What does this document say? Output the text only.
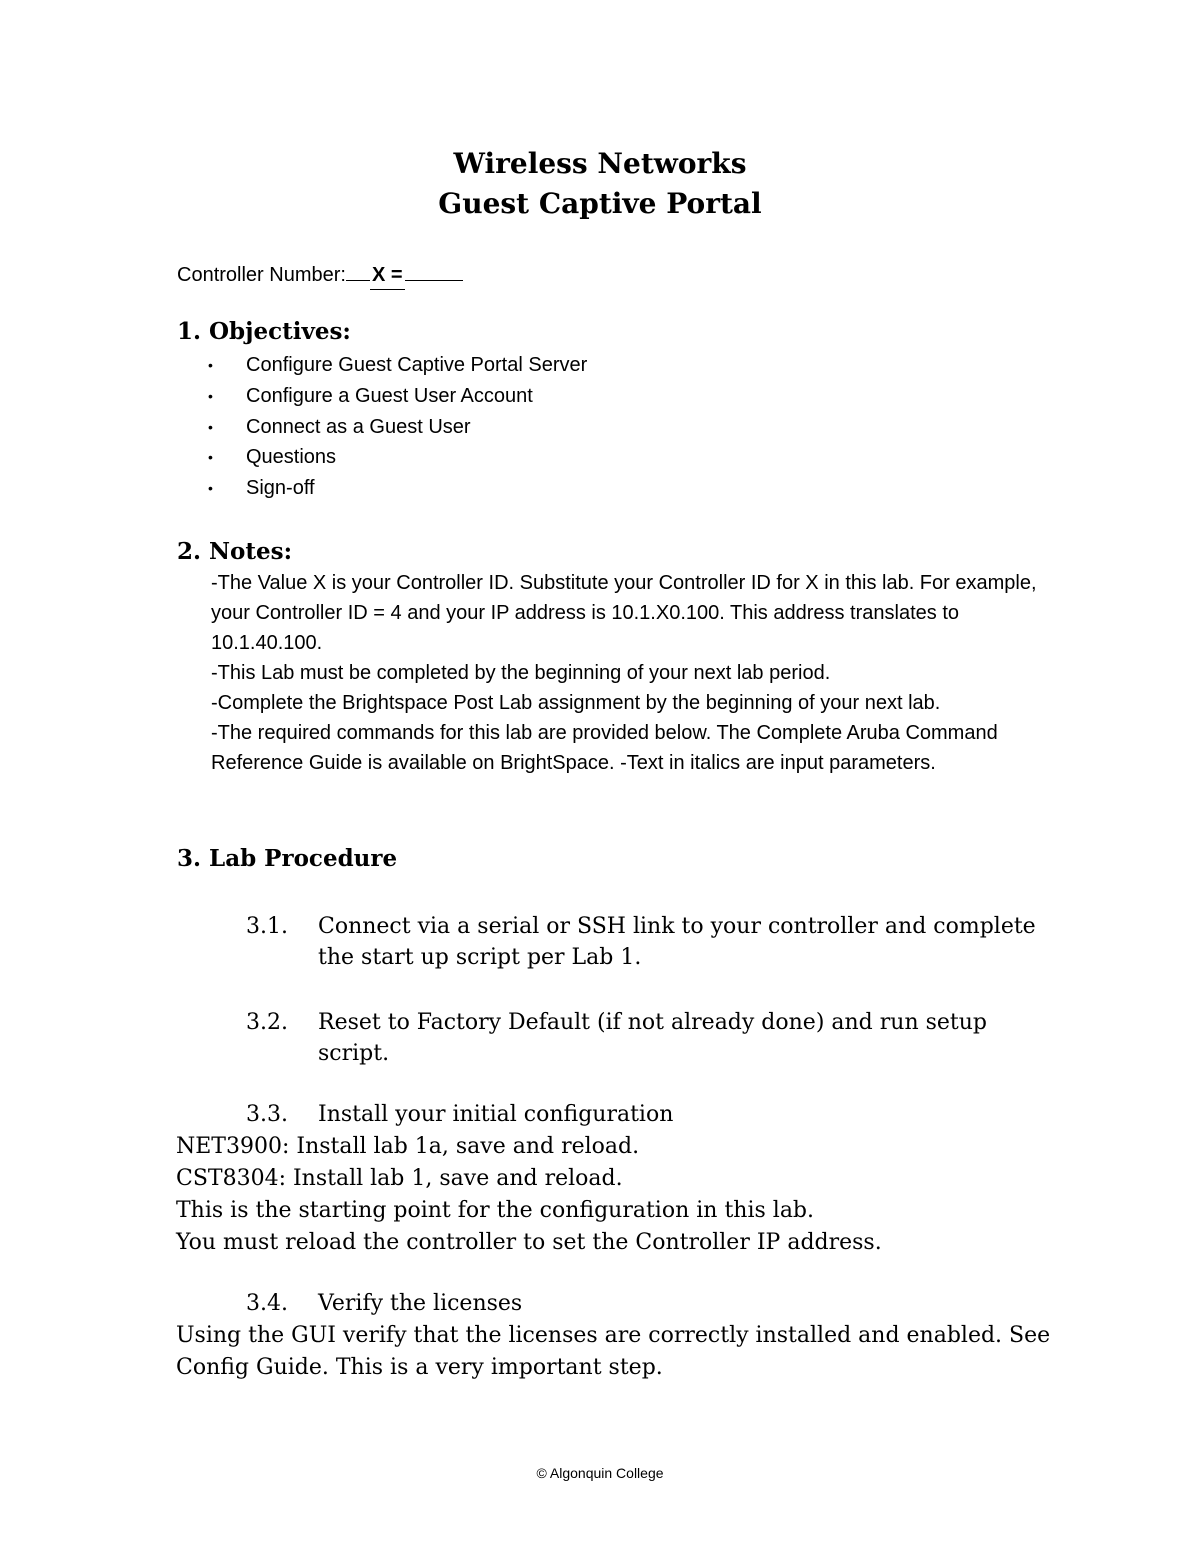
Wireless Networks
Guest Captive Portal
Controller Number: X =
1. Objectives:
• Configure Guest Captive Portal Server
• Configure a Guest User Account
• Connect as a Guest User
• Questions
• Sign-off
2. Notes:

-The Value X is your Controller ID. Substitute your Controller ID for X in this lab. For example, your Controller ID = 4 and your IP address is 10.1.X0.100. This address translates to 10.1.40.100.

-This Lab must be completed by the beginning of your next lab period.

-Complete the Brightspace Post Lab assignment by the beginning of your next lab.

-The required commands for this lab are provided below. The Complete Aruba Command Reference Guide is available on BrightSpace. -Text in italics are input parameters.

3. Lab Procedure
3.1. Connect via a serial or SSH link to your controller and complete the start up script per Lab 1.
3.2. Reset to Factory Default (if not already done) and run setup script.
3.3. Install your initial configuration

NET3900: Install lab 1a, save and reload.

CST8304: Install lab 1, save and reload.

This is the starting point for the configuration in this lab.

You must reload the controller to set the Controller IP address.

3.4. Verify the licenses

Using the GUI verify that the licenses are correctly installed and enabled. See Config Guide. This is a very important step.

© Algonquin College
